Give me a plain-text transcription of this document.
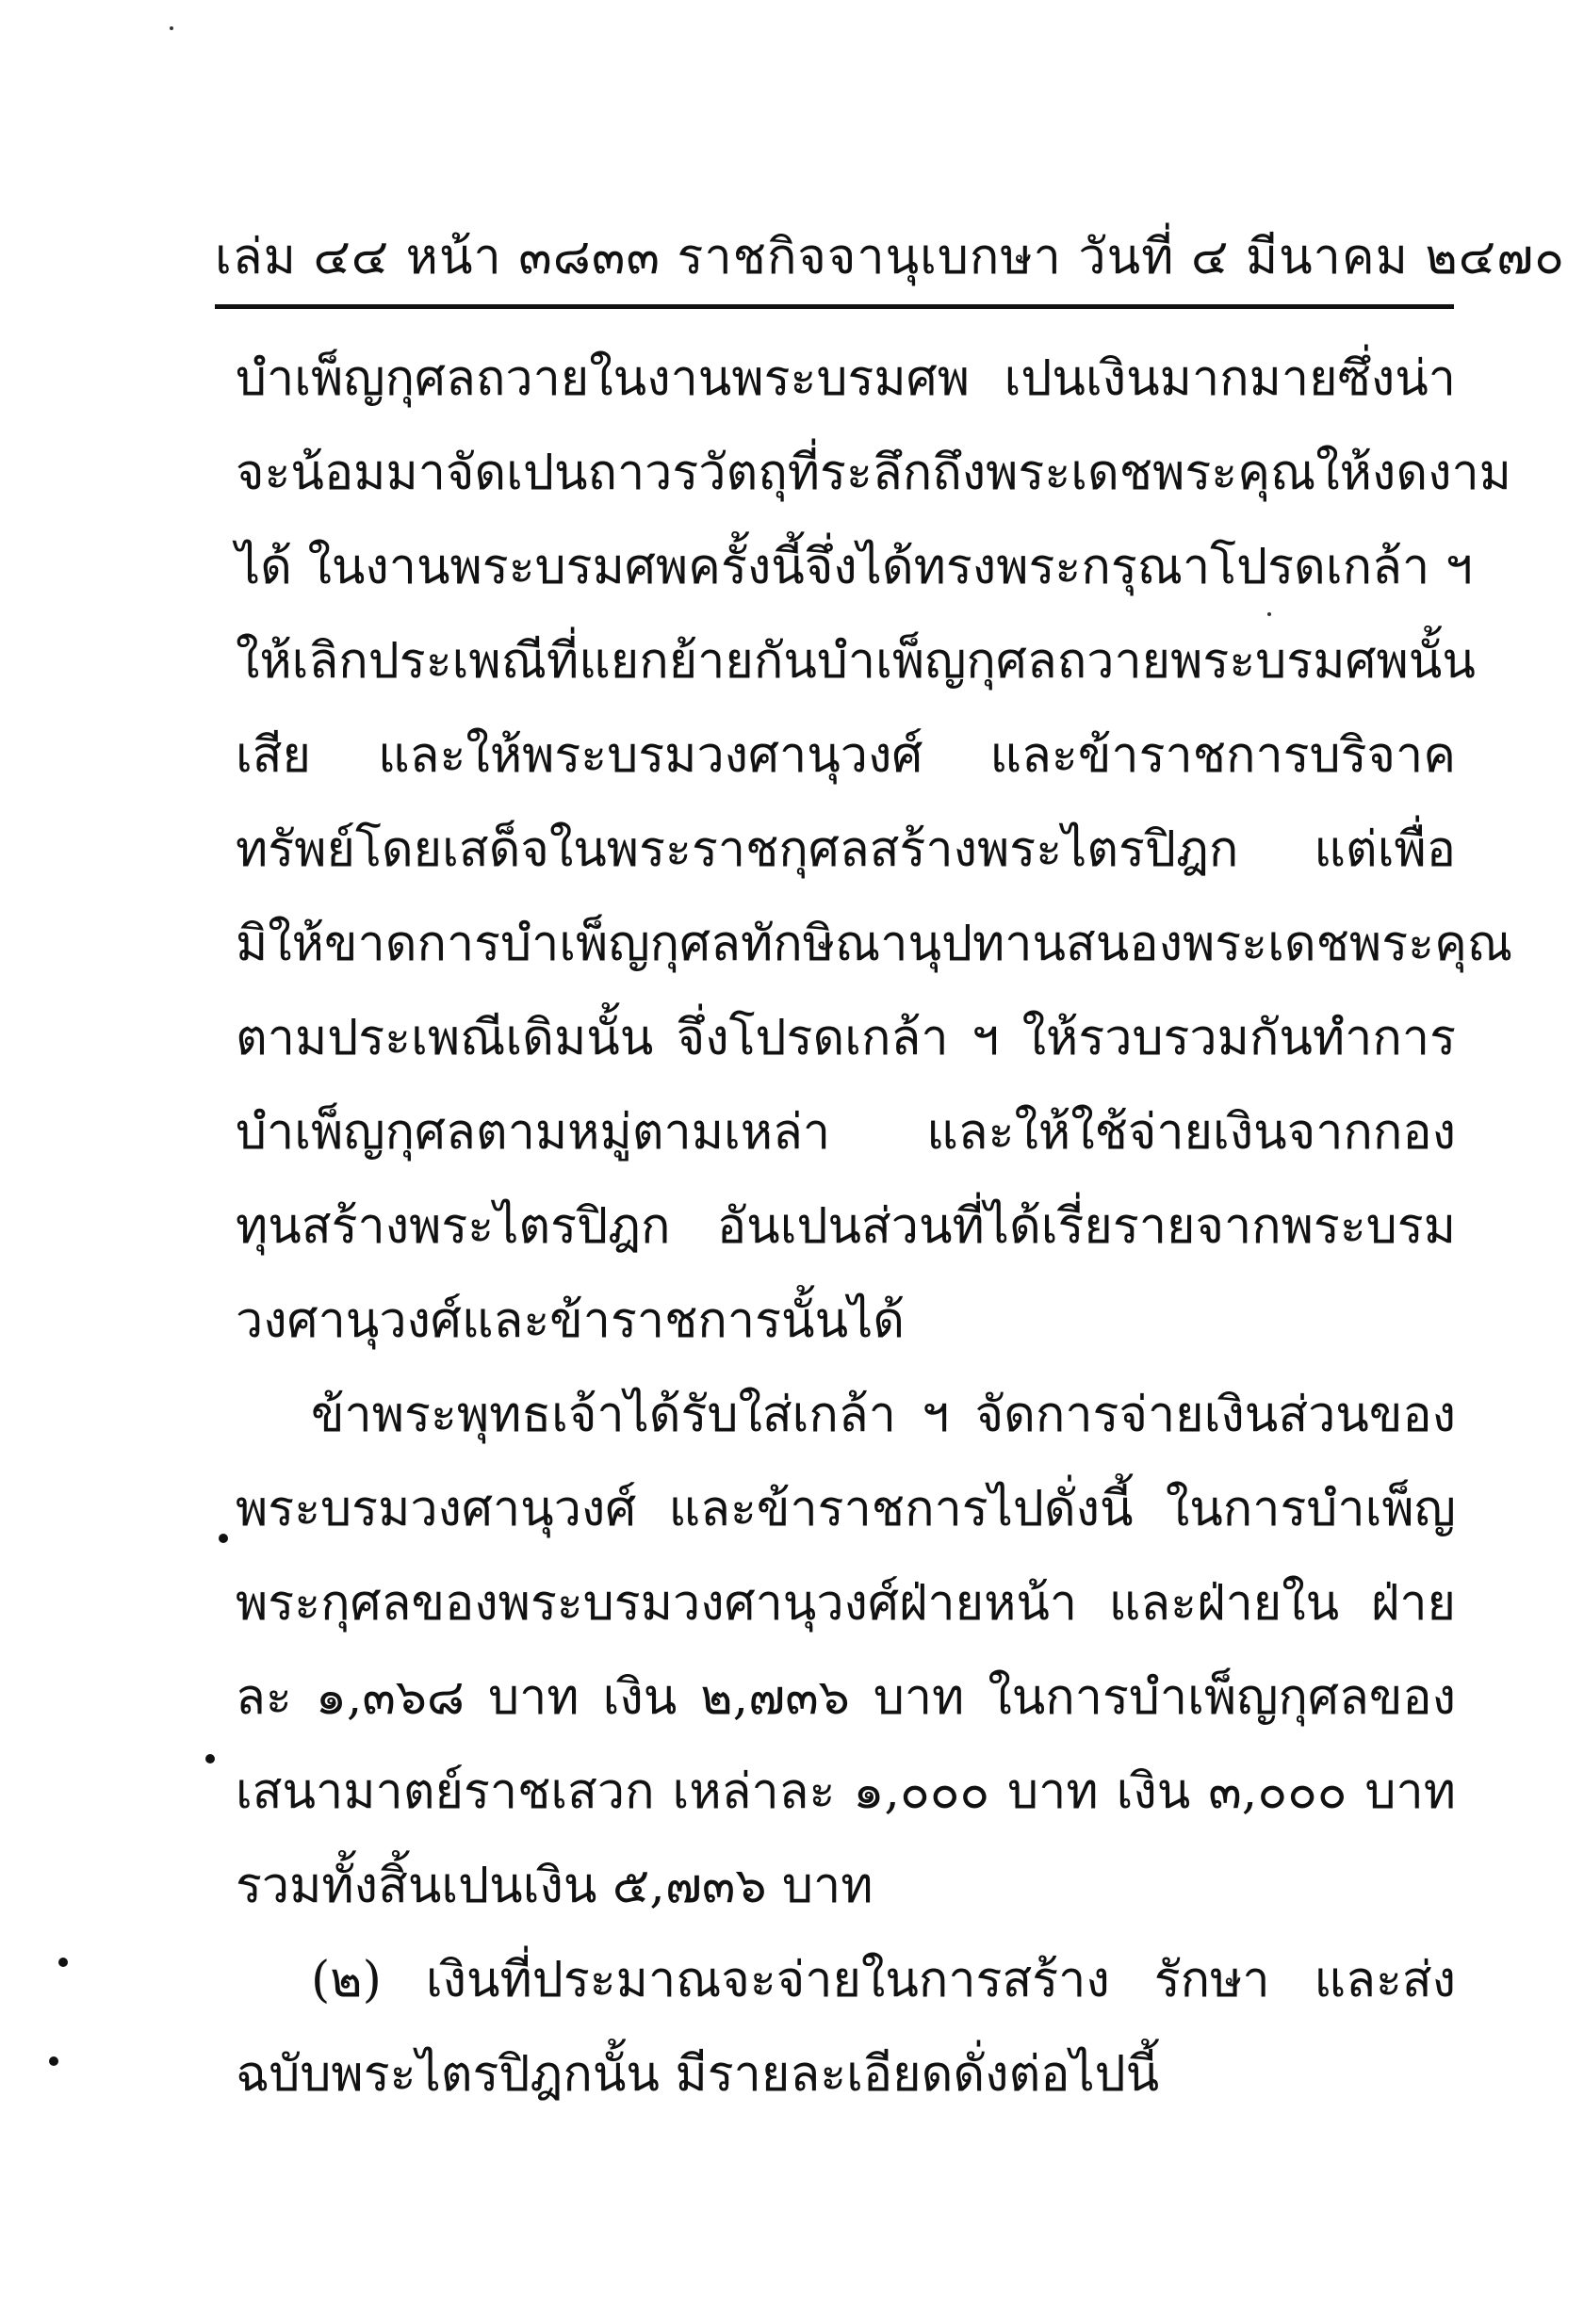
เล่ม ๔๔ หน้า ๓๘๓๓ ราชกิจจานุเบกษา วันที่ ๔ มีนาคม ๒๔๗๐
บำเพ็ญกุศลถวายในงานพระบรมศพ เปนเงินมากมายซึ่งน่า
จะน้อมมาจัดเปนถาวรวัตถุที่ระลึกถึงพระเดชพระคุณให้งดงาม
ได้ ในงานพระบรมศพครั้งนี้จึ่งได้ทรงพระกรุณาโปรดเกล้า ฯ
ให้เลิกประเพณีที่แยกย้ายกันบำเพ็ญกุศลถวายพระบรมศพนั้น
เสีย และให้พระบรมวงศานุวงศ์ และข้าราชการบริจาค
ทรัพย์โดยเสด็จในพระราชกุศลสร้างพระไตรปิฎก แต่เพื่อ
มิให้ขาดการบำเพ็ญกุศลทักษิณานุปทานสนองพระเดชพระคุณ
ตามประเพณีเดิมนั้น จึ่งโปรดเกล้า ฯ ให้รวบรวมกันทำการ
บำเพ็ญกุศลตามหมู่ตามเหล่า และให้ใช้จ่ายเงินจากกอง
ทุนสร้างพระไตรปิฎก อันเปนส่วนที่ได้เรี่ยรายจากพระบรม
วงศานุวงศ์และข้าราชการนั้นได้
ข้าพระพุทธเจ้าได้รับใส่เกล้า ฯ จัดการจ่ายเงินส่วนของ
พระบรมวงศานุวงศ์ และข้าราชการไปดั่งนี้ ในการบำเพ็ญ
พระกุศลของพระบรมวงศานุวงศ์ฝ่ายหน้า และฝ่ายใน ฝ่าย
ละ ๑,๓๖๘ บาท เงิน ๒,๗๓๖ บาท ในการบำเพ็ญกุศลของ
เสนามาตย์ราชเสวก เหล่าละ ๑,๐๐๐ บาท เงิน ๓,๐๐๐ บาท
รวมทั้งสิ้นเปนเงิน ๕,๗๓๖ บาท
(๒) เงินที่ประมาณจะจ่ายในการสร้าง รักษา และส่ง
ฉบับพระไตรปิฎกนั้น มีรายละเอียดดั่งต่อไปนี้
